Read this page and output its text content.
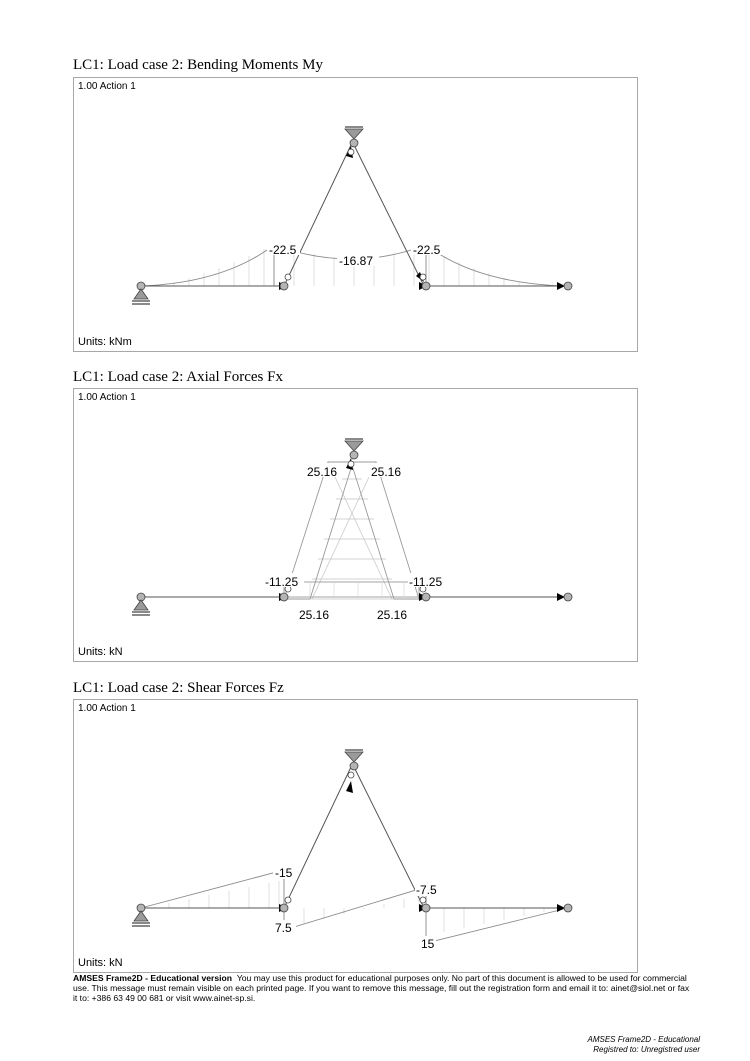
LC1: Load case 2: Bending Moments My
1.00 Action 1
-22.5
-16.87
-22.5
Units: kNm
LC1: Load case 2: Axial Forces Fx
1.00 Action 1
25.16	25.16
-11.25	-11.25
25.16	25.16
Units: kN
LC1: Load case 2: Shear Forces Fz
1.00 Action 1
-15
-7.5
7.5
15
Units: kN
AMSES Frame2D - Educational version You may use this product for educational purposes only. No part of this document is allowed to be used for commercial use. This message must remain visible on each printed page. If you want to remove this message, fill out the registration form and email it to: ainet@siol.net or fax it to: +386 63 49 00 681 or visit www.ainet-sp.si.
AMSES Frame2D - Educational
Registred to: Unregistred user
